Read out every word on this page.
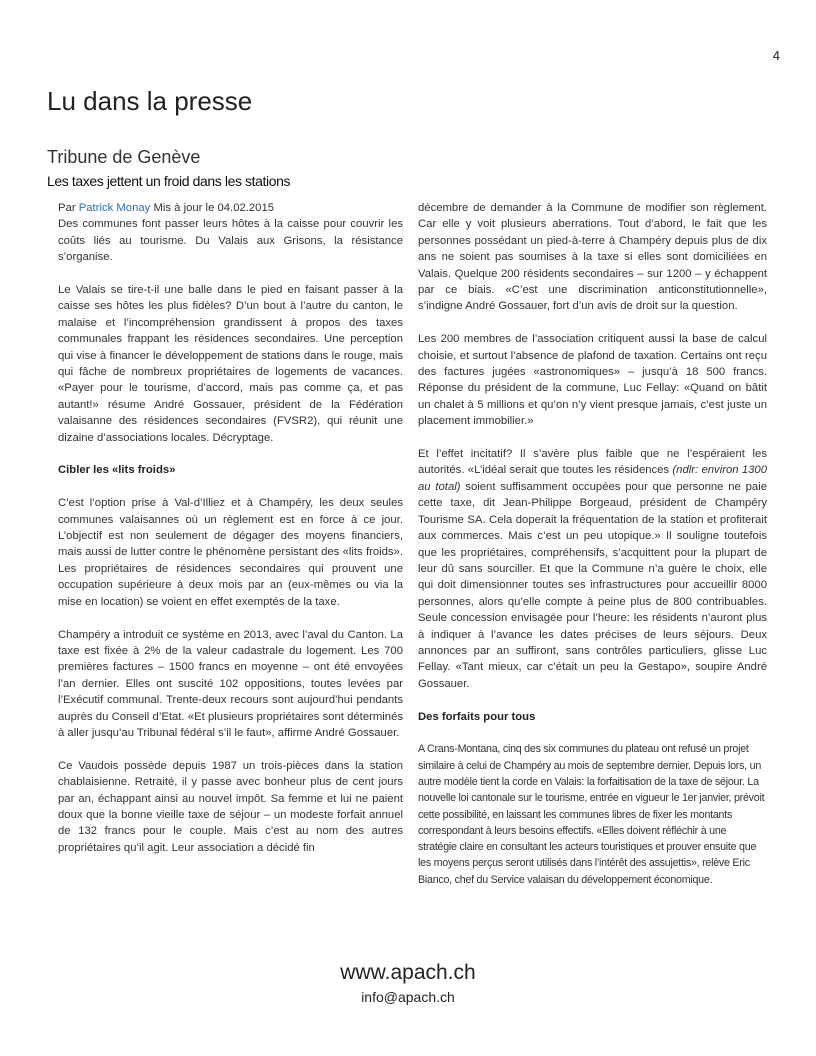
4
Lu dans la presse
Tribune de Genève
Les taxes jettent un froid dans les stations

Par Patrick Monay Mis à jour le 04.02.2015

Des communes font passer leurs hôtes à la caisse pour couvrir les coûts liés au tourisme. Du Valais aux Grisons, la résistance s’organise.

Le Valais se tire-t-il une balle dans le pied en faisant passer à la caisse ses hôtes les plus fidèles? D’un bout à l’autre du canton, le malaise et l’incompréhension grandissent à propos des taxes communales frappant les résidences secondaires. Une perception qui vise à financer le développement de stations dans le rouge, mais qui fâche de nombreux propriétaires de logements de vacances. «Payer pour le tourisme, d’accord, mais pas comme ça, et pas autant!» résume André Gossauer, président de la Fédération valaisanne des résidences secondaires (FVSR2), qui réunit une dizaine d’associations locales. Décryptage.

Cibler les «lits froids»

C’est l’option prise à Val-d’Illiez et à Champéry, les deux seules communes valaisannes où un règlement est en force à ce jour. L’objectif est non seulement de dégager des moyens financiers, mais aussi de lutter contre le phénomène persistant des «lits froids». Les propriétaires de résidences secondaires qui prouvent une occupation supérieure à deux mois par an (eux-mêmes ou via la mise en location) se voient en effet exemptés de la taxe.

Champéry a introduit ce système en 2013, avec l’aval du Canton. La taxe est fixée à 2% de la valeur cadastrale du logement. Les 700 premières factures – 1500 francs en moyenne – ont été envoyées l’an dernier. Elles ont suscité 102 oppositions, toutes levées par l’Exécutif communal. Trente-deux recours sont aujourd’hui pendants auprès du Conseil d’Etat. «Et plusieurs propriétaires sont déterminés à aller jusqu’au Tribunal fédéral s’il le faut», affirme André Gossauer.

Ce Vaudois possède depuis 1987 un trois-pièces dans la station chablaisienne. Retraité, il y passe avec bonheur plus de cent jours par an, échappant ainsi au nouvel impôt. Sa femme et lui ne paient doux que la bonne vieille taxe de séjour – un modeste forfait annuel de 132 francs pour le couple. Mais c’est au nom des autres propriétaires qu’il agit. Leur association a décidé fin

décembre de demander à la Commune de modifier son règlement. Car elle y voit plusieurs aberrations. Tout d’abord, le fait que les personnes possédant un pied-à-terre à Champéry depuis plus de dix ans ne soient pas soumises à la taxe si elles sont domiciliées en Valais. Quelque 200 résidents secondaires – sur 1200 – y échappent par ce biais. «C’est une discrimination anticonstitutionnelle», s’indigne André Gossauer, fort d’un avis de droit sur la question.

Les 200 membres de l’association critiquent aussi la base de calcul choisie, et surtout l’absence de plafond de taxation. Certains ont reçu des factures jugées «astronomiques» – jusqu’à 18 500 francs. Réponse du président de la commune, Luc Fellay: «Quand on bâtit un chalet à 5 millions et qu’on n’y vient presque jamais, c’est juste un placement immobilier.»

Et l’effet incitatif? Il s’avère plus faible que ne l’espéraient les autorités. «L’idéal serait que toutes les résidences (ndlr: environ 1300 au total) soient suffisamment occupées pour que personne ne paie cette taxe, dit Jean-Philippe Borgeaud, président de Champéry Tourisme SA. Cela doperait la fréquentation de la station et profiterait aux commerces. Mais c’est un peu utopique.» Il souligne toutefois que les propriétaires, compréhensifs, s’acquittent pour la plupart de leur dû sans sourciller. Et que la Commune n’a guère le choix, elle qui doit dimensionner toutes ses infrastructures pour accueillir 8000 personnes, alors qu’elle compte à peine plus de 800 contribuables. Seule concession envisagée pour l’heure: les résidents n’auront plus à indiquer à l’avance les dates précises de leurs séjours. Deux annonces par an suffiront, sans contrôles particuliers, glisse Luc Fellay. «Tant mieux, car c’était un peu la Gestapo», soupire André Gossauer.

Des forfaits pour tous

A Crans-Montana, cinq des six communes du plateau ont refusé un projet similaire à celui de Champéry au mois de septembre dernier. Depuis lors, un autre modèle tient la corde en Valais: la forfaitisation de la taxe de séjour. La nouvelle loi cantonale sur le tourisme, entrée en vigueur le 1er janvier, prévoit cette possibilité, en laissant les communes libres de fixer les montants correspondant à leurs besoins effectifs. «Elles doivent réfléchir à une stratégie claire en consultant les acteurs touristiques et prouver ensuite que les moyens perçus seront utilisés dans l’intérêt des assujettis», relève Eric Bianco, chef du Service valaisan du développement économique.

www.apach.ch
info@apach.ch
